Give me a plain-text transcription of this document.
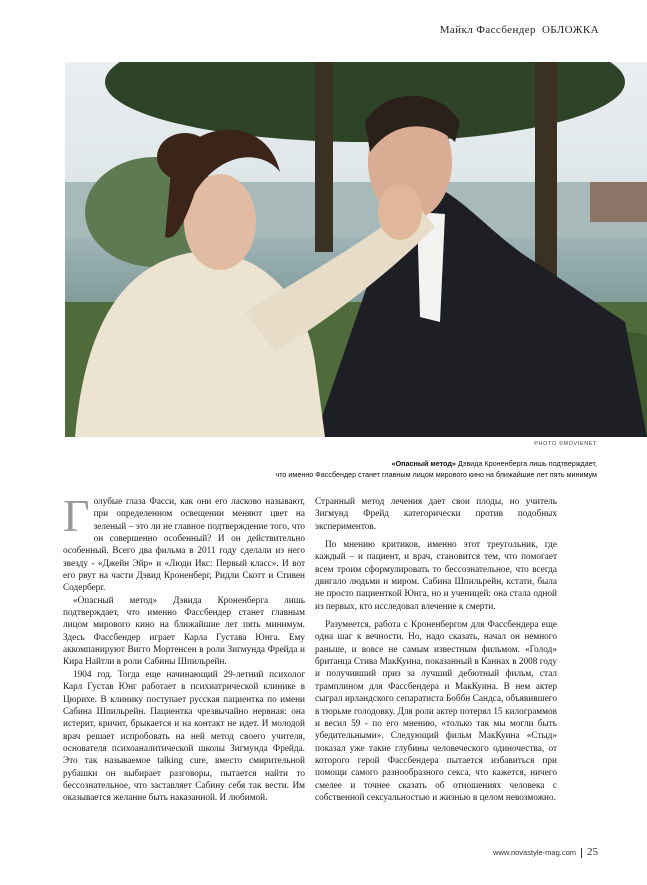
Майкл Фассбендер ОБЛОЖКА
PHOTO ©MOVIENET
«Опасный метод» Дэвида Кроненберга лишь подтверждает,
что именно Фассбендер станет главным лицом мирового кино на ближайшие лет пять минимум

Голубые глаза Фасси, как они его ласково называют, при определенном освещении меняют цвет на зеленый – это ли не главное подтверждение того, что он совершенно особенный? И он действительно особенный. Всего два фильма в 2011 году сделали из него звезду - «Джейн Эйр» и «Люди Икс: Первый класс». И вот его рвут на части Дэвид Кроненберг, Ридли Скотт и Стивен Содерберг.

«Опасный метод» Дэвида Кроненберга лишь подтверждает, что именно Фассбендер станет главным лицом мирового кино на ближайшие лет пять минимум. Здесь Фассбендер играет Карла Густава Юнга. Ему аккомпанируют Вигго Мортенсен в роли Зигмунда Фрейда и Кира Найтли в роли Сабины Шпильрейн.

1904 год. Тогда еще начинающий 29-летний психолог Карл Густав Юнг работает в психиатрической клинике в Цюрихе. В клинику поступает русская пациентка по имени Сабина Шпильрейн. Пациентка чрезвычайно нервная: она истерит, кричит, брыкается и на контакт не идет. И молодой врач решает испробовать на ней метод своего учителя, основателя психоаналитической школы Зигмунда Фрейда. Это так называемое talking cure, вместо смирительной рубашки он выбирает разговоры, пытается найти то бессознательное, что заставляет Сабину себя так вести. Им оказывается желание быть наказанной. И любимой.

Странный метод лечения дает свои плоды, но учитель Зигмунд Фрейд категорически против подобных экспериментов.

По мнению критиков, именно этот треугольник, где каждый – и пациент, и врач, становится тем, что помогает всем троим сформулировать то бессознательное, что всегда двигало людьми и миром. Сабина Шпильрейн, кстати, была не просто пациенткой Юнга, но и ученицей: она стала одной из первых, кто исследовал влечение к смерти.

Разумеется, работа с Кроненбергом для Фассбендера еще одна шаг к вечности. Но, надо сказать, начал он немного раньше, и вовсе не самым известным фильмом. «Голод» британца Стива МакКуина, показанный в Каннах в 2008 году и получивший приз за лучший дебютный фильм, стал трамплином для Фассбендера и МакКуина. В нем актер сыграл ирландского сепаратиста Боббн Сандса, объявившего в тюрьме голодовку. Для роли актер потерял 15 килограммов и весил 59 - по его мнению, «только так мы могли быть убедительными». Следующий фильм МакКуина «Стыд» показал уже такие глубины человеческого одиночества, от которого герой Фассбендера пытается избавиться при помощи самого разнообразного секса, что кажется, ничего смелее и точнее сказать об отношениях человека с собственной сексуальностью и жизнью в целом невозможно.

www.novastyle-mag.com 25
